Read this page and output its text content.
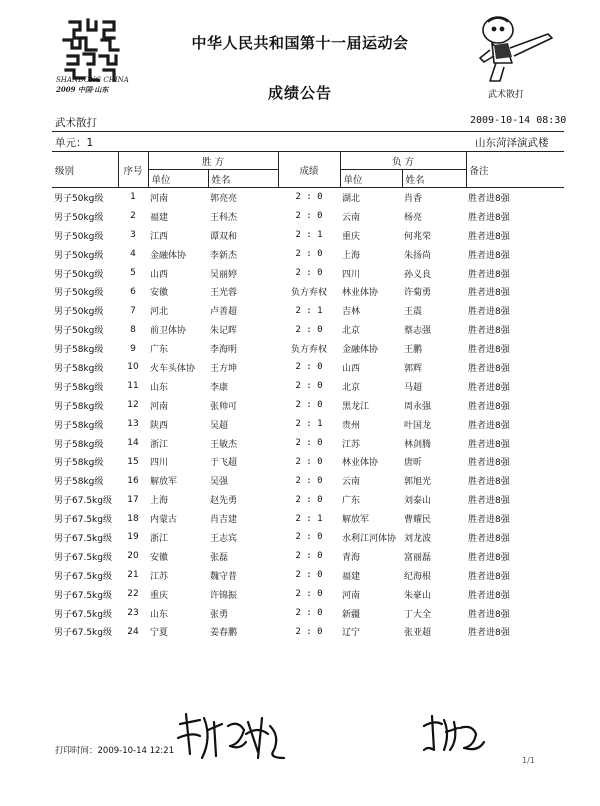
SHANDONG CHINA
2009 中国·山东
武术散打
中华人民共和国第十一届运动会
成绩公告
武术散打	2009-10-14 08:30
单元：1	山东菏泽演武楼
级别	序号	胜 方		成绩	负 方		备注
		单位	姓名		单位	姓名	
男子50kg级	1	河南	郭亮亮	2 : 0	湖北	肖香	胜者进8强
男子50kg级	2	福建	王科杰	2 : 0	云南	杨亮	胜者进8强
男子50kg级	3	江西	谭双和	2 : 1	重庆	何兆荣	胜者进8强
男子50kg级	4	金融体协	李新杰	2 : 0	上海	朱扬尚	胜者进8强
男子50kg级	5	山西	吴丽婷	2 : 0	四川	孙义良	胜者进8强
男子50kg级	6	安徽	王光蓉	负方弃权	林业体协	许菊勇	胜者进8强
男子50kg级	7	河北	卢善超	2 : 1	吉林	王震	胜者进8强
男子50kg级	8	前卫体协	朱记晖	2 : 0	北京	蔡志强	胜者进8强
男子58kg级	9	广东	李海明	负方弃权	金融体协	王鹏	胜者进8强
男子58kg级	10	火车头体协	王方坤	2 : 0	山西	郭辉	胜者进8强
男子58kg级	11	山东	李康	2 : 0	北京	马超	胜者进8强
男子58kg级	12	河南	张帅可	2 : 0	黑龙江	周永强	胜者进8强
男子58kg级	13	陕西	吴超	2 : 1	贵州	叶国龙	胜者进8强
男子58kg级	14	浙江	王敏杰	2 : 0	江苏	林剑腾	胜者进8强
男子58kg级	15	四川	于飞超	2 : 0	林业体协	唐昕	胜者进8强
男子58kg级	16	解放军	吴强	2 : 0	云南	郭旭光	胜者进8强
男子67.5kg级	17	上海	赵先勇	2 : 0	广东	刘泰山	胜者进8强
男子67.5kg级	18	内蒙古	肖吉建	2 : 1	解放军	曹耀民	胜者进8强
男子67.5kg级	19	浙江	王志宾	2 : 0	水利江河体协	刘龙波	胜者进8强
男子67.5kg级	20	安徽	张磊	2 : 0	青海	富丽磊	胜者进8强
男子67.5kg级	21	江苏	魏守普	2 : 0	福建	纪海根	胜者进8强
男子67.5kg级	22	重庆	许锦振	2 : 0	河南	朱豪山	胜者进8强
男子67.5kg级	23	山东	张勇	2 : 0	新疆	丁大全	胜者进8强
男子67.5kg级	24	宁夏	姜春鹏	2 : 0	辽宁	张亚超	胜者进8强
打印时间：2009-10-14 12:21
1/1
